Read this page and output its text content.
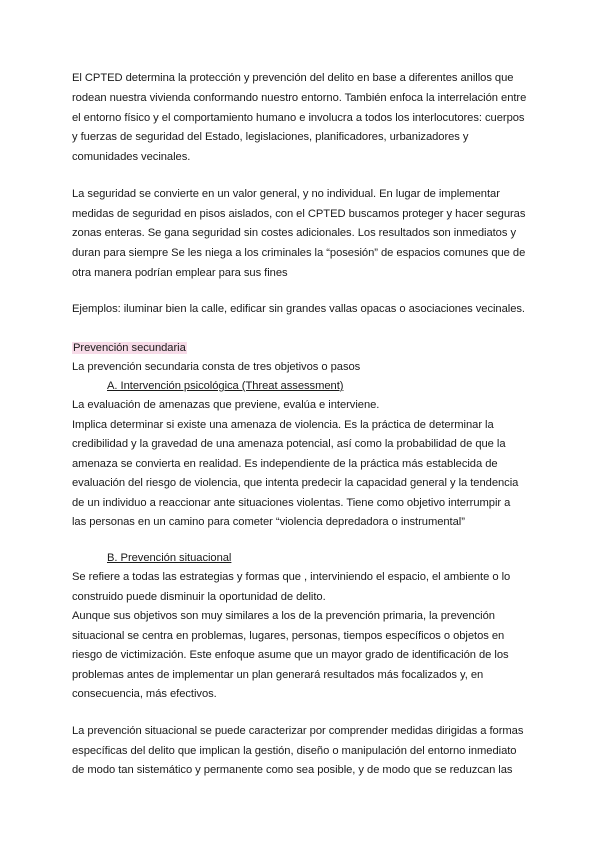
El CPTED determina la protección y prevención del delito en base a diferentes anillos que
rodean nuestra vivienda conformando nuestro entorno. También enfoca la interrelación entre
el entorno físico y el comportamiento humano e involucra a todos los interlocutores: cuerpos
y fuerzas de seguridad del Estado, legislaciones, planificadores, urbanizadores y
comunidades vecinales.
La seguridad se convierte en un valor general, y no individual. En lugar de implementar
medidas de seguridad en pisos aislados, con el CPTED buscamos proteger y hacer seguras
zonas enteras. Se gana seguridad sin costes adicionales. Los resultados son inmediatos y
duran para siempre Se les niega a los criminales la “posesión” de espacios comunes que de
otra manera podrían emplear para sus fines
Ejemplos: iluminar bien la calle, edificar sin grandes vallas opacas o asociaciones vecinales.
Prevención secundaria
La prevención secundaria consta de tres objetivos o pasos
A. Intervención psicológica (Threat assessment)
La evaluación de amenazas que previene, evalúa e interviene.
Implica determinar si existe una amenaza de violencia. Es la práctica de determinar la
credibilidad y la gravedad de una amenaza potencial, así como la probabilidad de que la
amenaza se convierta en realidad. Es independiente de la práctica más establecida de
evaluación del riesgo de violencia, que intenta predecir la capacidad general y la tendencia
de un individuo a reaccionar ante situaciones violentas. Tiene como objetivo interrumpir a
las personas en un camino para cometer “violencia depredadora o instrumental”
B. Prevención situacional
Se refiere a todas las estrategias y formas que , interviniendo el espacio, el ambiente o lo
construido puede disminuir la oportunidad de delito.
Aunque sus objetivos son muy similares a los de la prevención primaria, la prevención
situacional se centra en problemas, lugares, personas, tiempos específicos o objetos en
riesgo de victimización. Este enfoque asume que un mayor grado de identificación de los
problemas antes de implementar un plan generará resultados más focalizados y, en
consecuencia, más efectivos.
La prevención situacional se puede caracterizar por comprender medidas dirigidas a formas
específicas del delito que implican la gestión, diseño o manipulación del entorno inmediato
de modo tan sistemático y permanente como sea posible, y de modo que se reduzcan las
